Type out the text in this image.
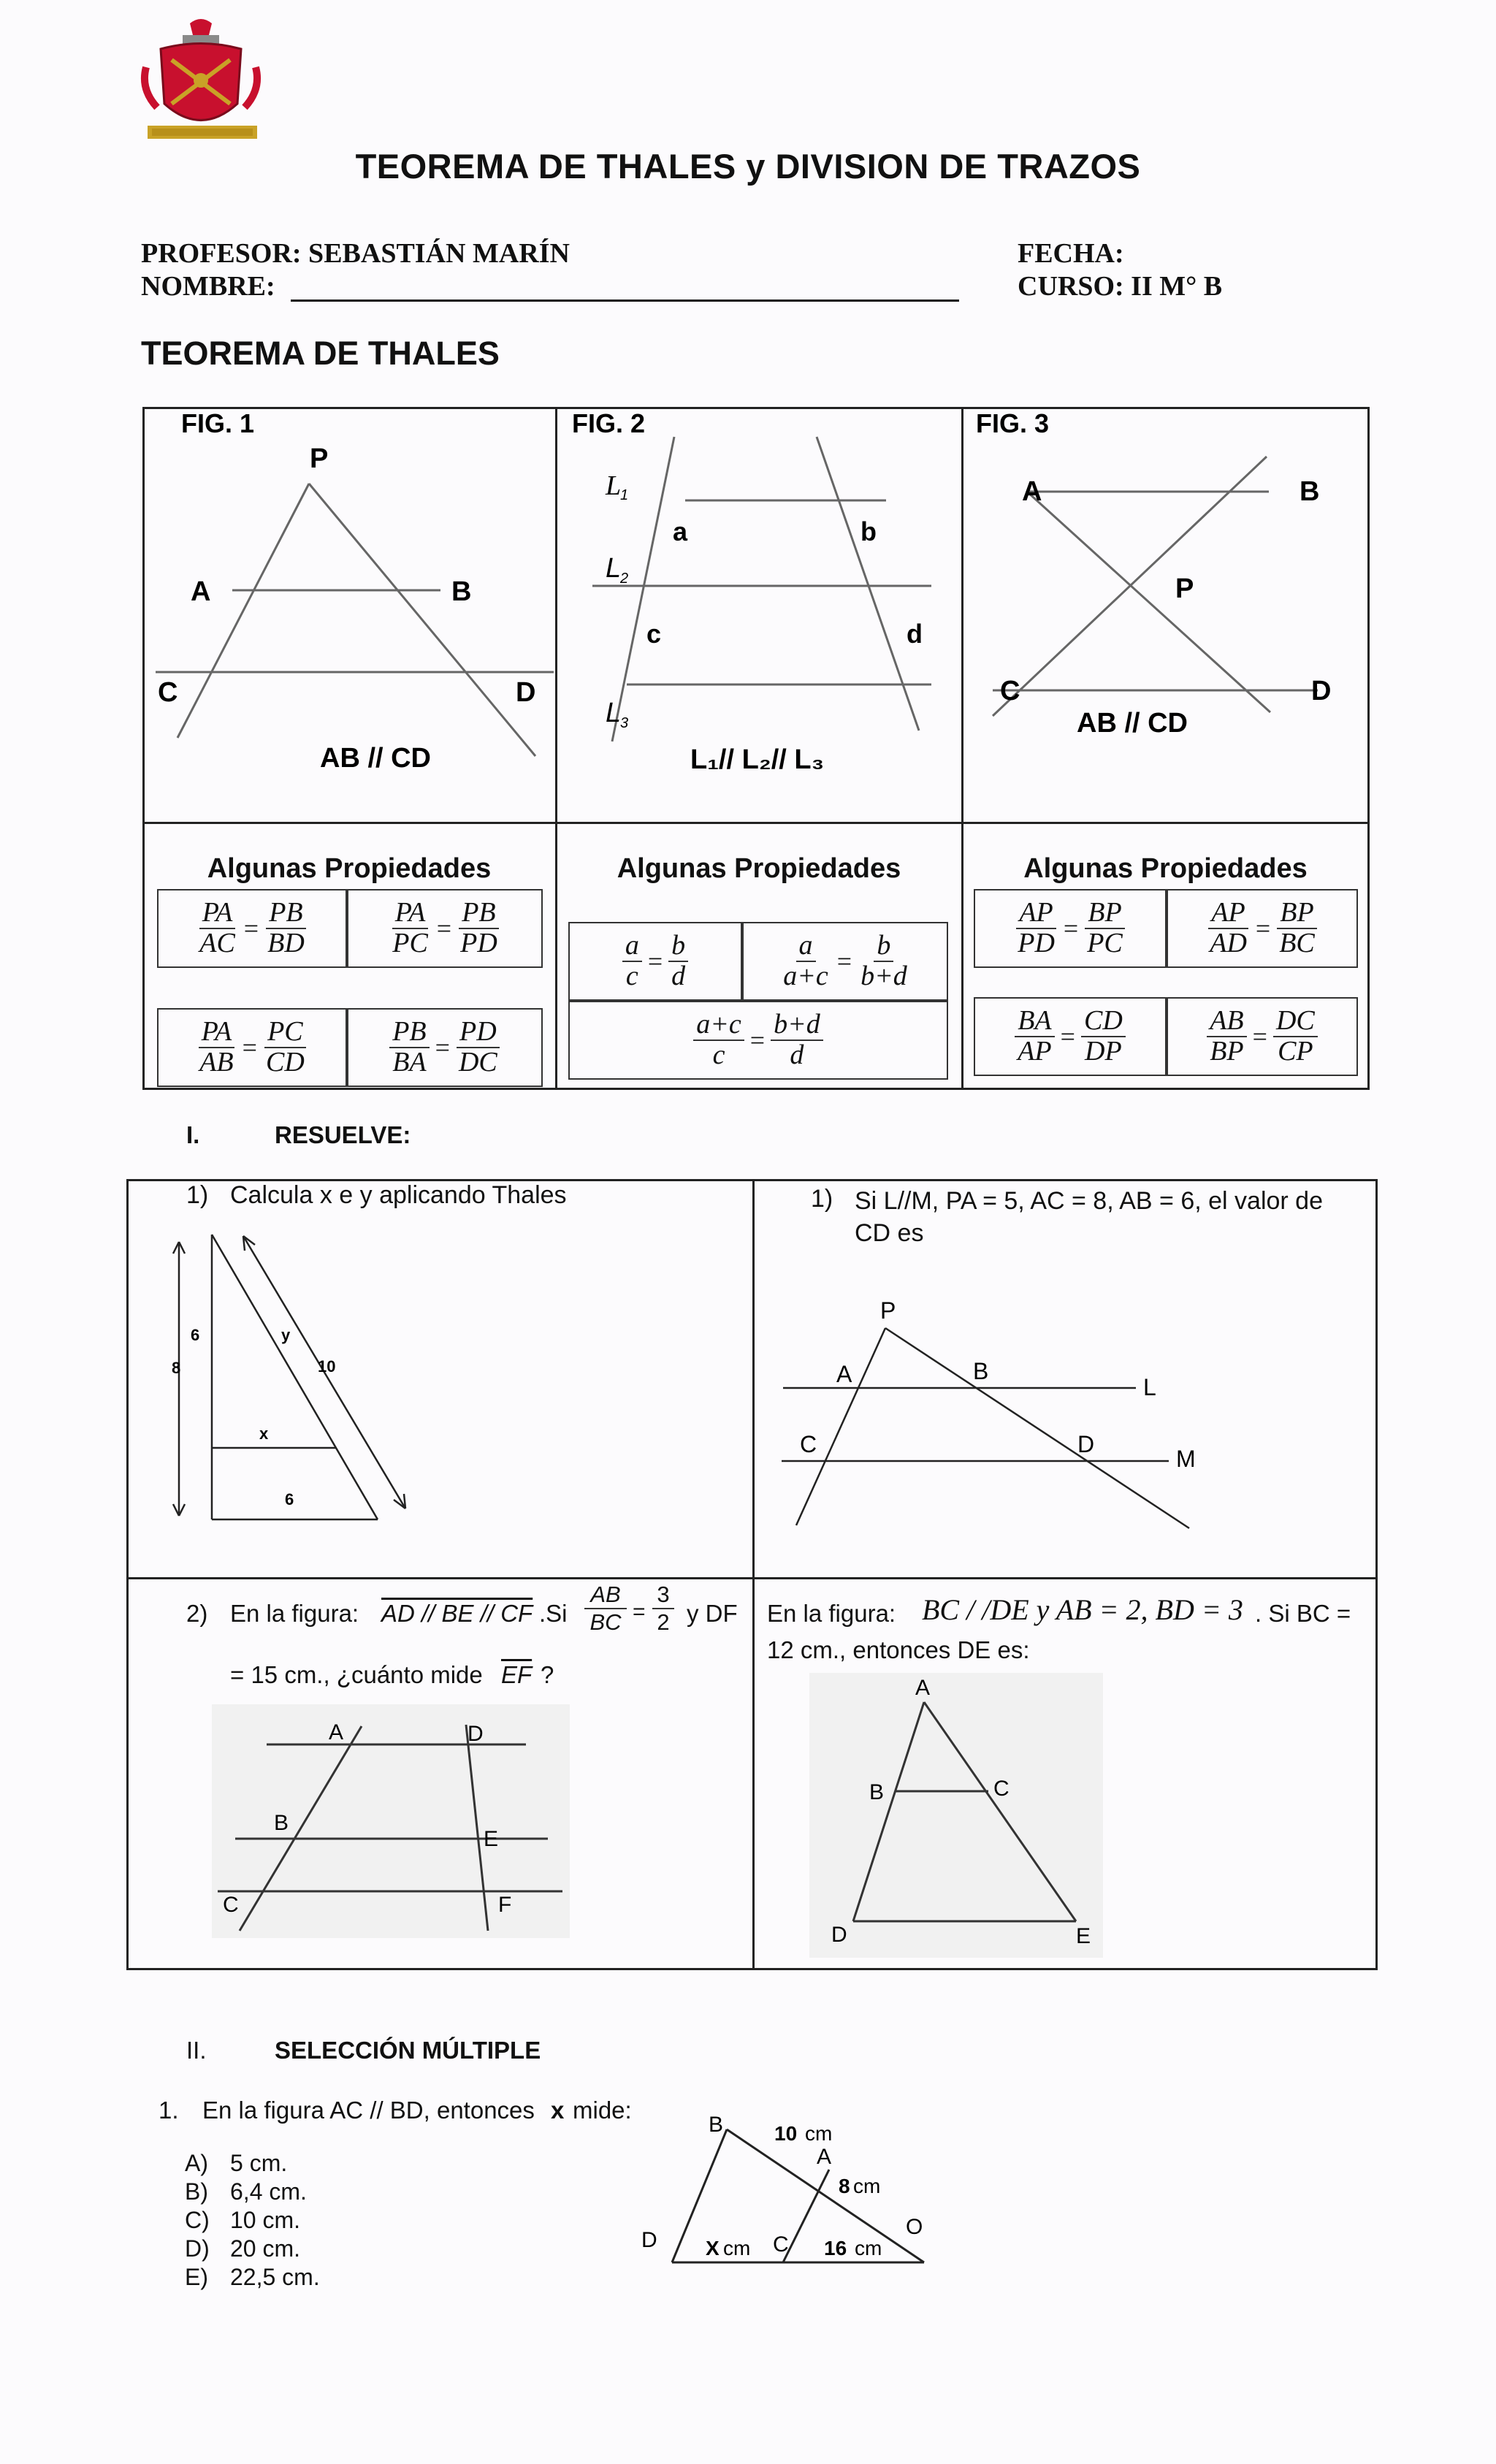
TEOREMA DE THALES y DIVISION DE TRAZOS
PROFESOR: SEBASTIÁN MARÍN
NOMBRE:
FECHA:
CURSO: II M° B
TEOREMA DE THALES
FIG. 1
P
A	B
C	D
AB // CD
FIG. 2
L
1
L
2
L
3
a	b
c	d
L₁// L₂// L₃
FIG. 3
A	B
P
C	D
AB // CD
Algunas Propiedades	Algunas Propiedades	Algunas Propiedades
$\frac{PA}{AC} = \frac{PB}{BD}$	$\frac{PA}{PC} = \frac{PB}{PD}$
$\frac{PA}{AB} = \frac{PC}{CD}$	$\frac{PB}{BA} = \frac{PD}{DC}$
$\frac{a}{c} = \frac{b}{d}$	$\frac{a}{a+c} = \frac{b}{b+d}$
$\frac{a+c}{c} = \frac{b+d}{d}$
$\frac{AP}{PD} = \frac{BP}{PC}$	$\frac{AP}{AD} = \frac{BP}{BC}$
$\frac{BA}{AP} = \frac{CD}{DP}$	$\frac{AB}{BP} = \frac{DC}{CP}$
I.	RESUELVE:
1) Calcula x e y aplicando Thales
6
8
y
10
x
6
1) Si L//M, PA = 5, AC = 8, AB = 6, el valor de CD es
P
A	B
L
C	D
M
2) En la figura: AD // BE // CF $.Si \frac{AB}{BC} = \frac{3}{2}$ y DF
= 15 cm., ¿cuánto mide $\overline{EF}$ ?
A	D
B
E
C	F
En la figura: BC / /DE y AB = 2, BD = 3 . Si BC =
12 cm., entonces DE es:
A
B	C
D	E
II.	SELECCIÓN MÚLTIPLE
1. En la figura AC // BD, entonces x mide:
A) 5 cm.
B) 6,4 cm.
C) 10 cm.
D) 20 cm.
E) 22,5 cm.
B 10 cm
A
8 cm
O
D X cm C 16 cm
